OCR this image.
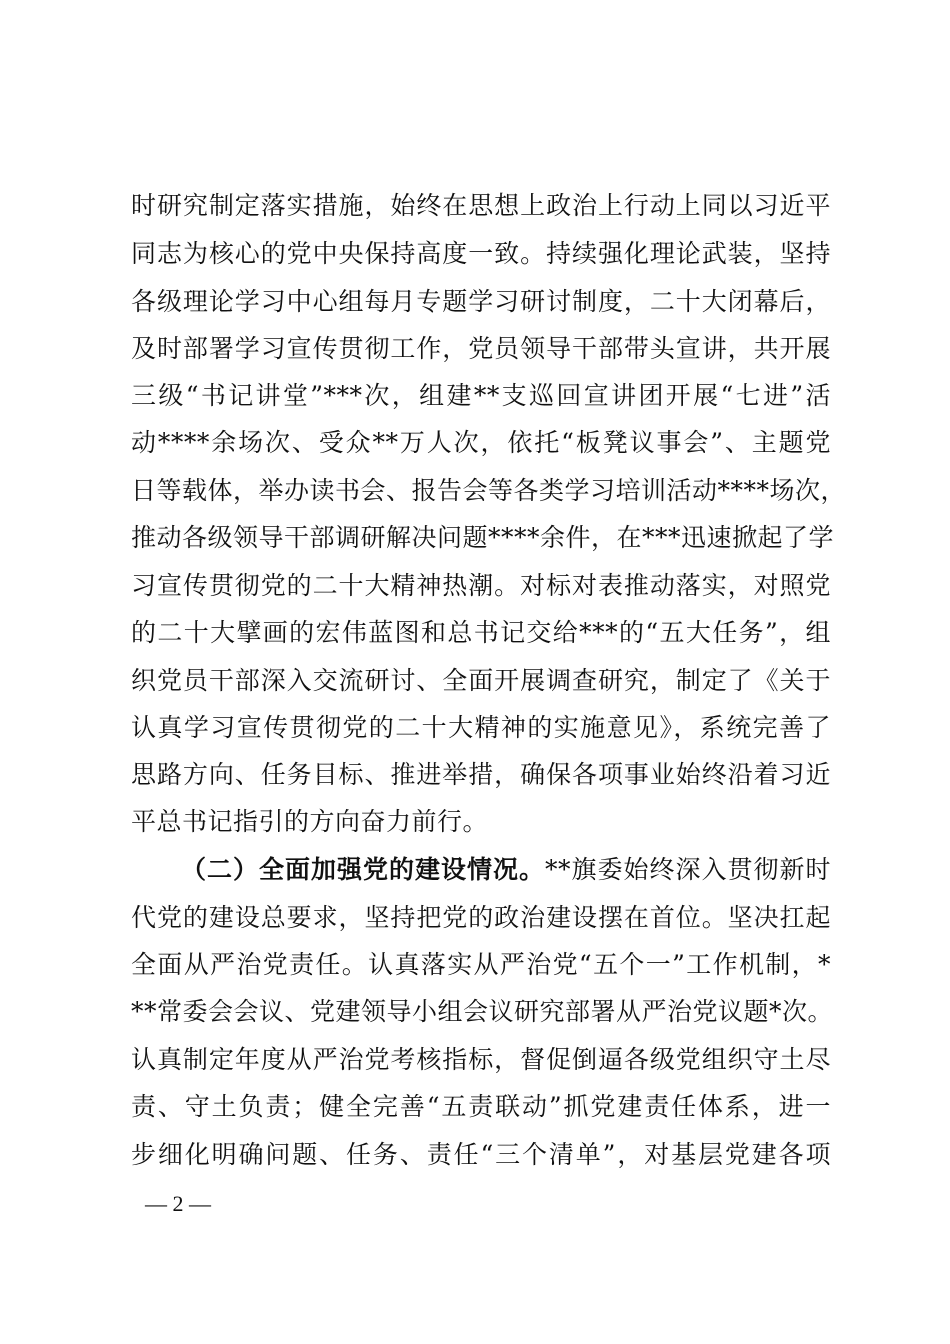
时研究制定落实措施，始终在思想上政治上行动上同以习近平
同志为核心的党中央保持高度一致。持续强化理论武装，坚持
各级理论学习中心组每月专题学习研讨制度，二十大闭幕后，
及时部署学习宣传贯彻工作，党员领导干部带头宣讲，共开展
三级“书记讲堂”***次，组建**支巡回宣讲团开展“七进”活
动****余场次、受众**万人次，依托“板凳议事会”、主题党
日等载体，举办读书会、报告会等各类学习培训活动****场次，
推动各级领导干部调研解决问题****余件，在***迅速掀起了学
习宣传贯彻党的二十大精神热潮。对标对表推动落实，对照党
的二十大擘画的宏伟蓝图和总书记交给***的“五大任务”，组
织党员干部深入交流研讨、全面开展调查研究，制定了《关于
认真学习宣传贯彻党的二十大精神的实施意见》，系统完善了
思路方向、任务目标、推进举措，确保各项事业始终沿着习近
平总书记指引的方向奋力前行。
（二）全面加强党的建设情况。**旗委始终深入贯彻新时
代党的建设总要求，坚持把党的政治建设摆在首位。坚决扛起
全面从严治党责任。认真落实从严治党“五个一”工作机制，*
**常委会会议、党建领导小组会议研究部署从严治党议题*次。
认真制定年度从严治党考核指标，督促倒逼各级党组织守土尽
责、守土负责；健全完善“五责联动”抓党建责任体系，进一
步细化明确问题、任务、责任“三个清单”，对基层党建各项
— 2 —
